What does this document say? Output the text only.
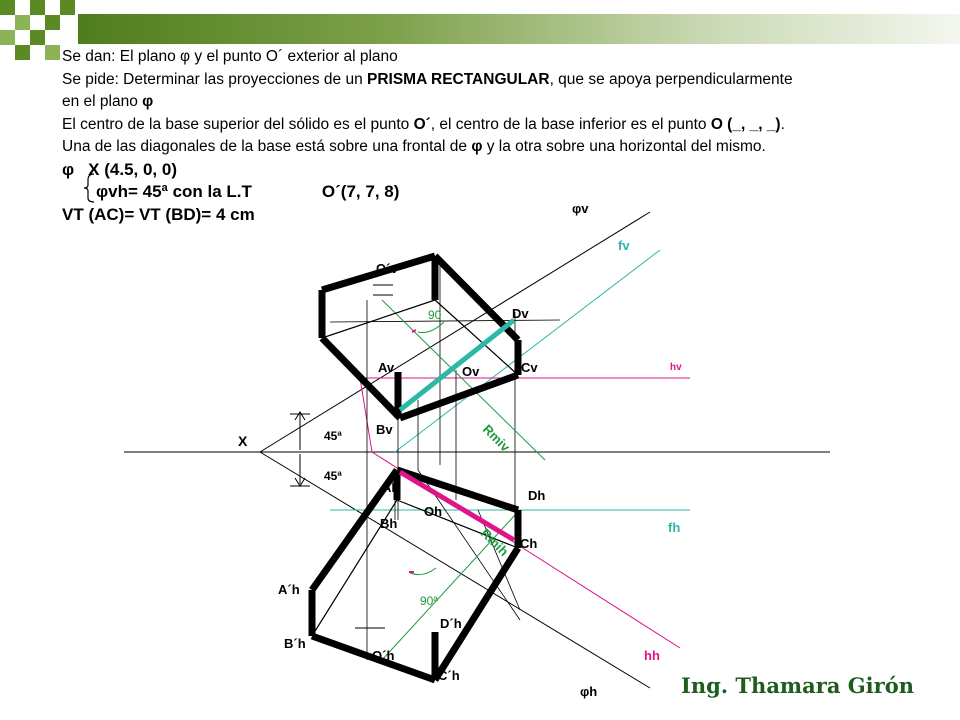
Se dan: El plano φ y el punto O´ exterior al plano

Se pide: Determinar las proyecciones de un PRISMA RECTANGULAR, que se apoya perpendicularmente

en el plano φ

El centro de la base superior del sólido es el punto O´, el centro de la base inferior es el punto O (_, _, _).

Una de las diagonales de la base está sobre una frontal de φ y la otra sobre una horizontal del mismo.

φ X (4.5, 0, 0)

φvh= 45ª con la L.T	O´(7, 7, 8)

VT (AC)= VT (BD)= 4 cm	φv
fv
hv
fh
hh
φh
X	45ª
45ª
O´v
Dv
Av	Ov	Cv
Bv	Rmiv
90
Ah
Dh
Oh
Bh
Ch
Rmih
A´h
90ª
D´h
B´h
O´h
C´h	Ing. Thamara Girón
